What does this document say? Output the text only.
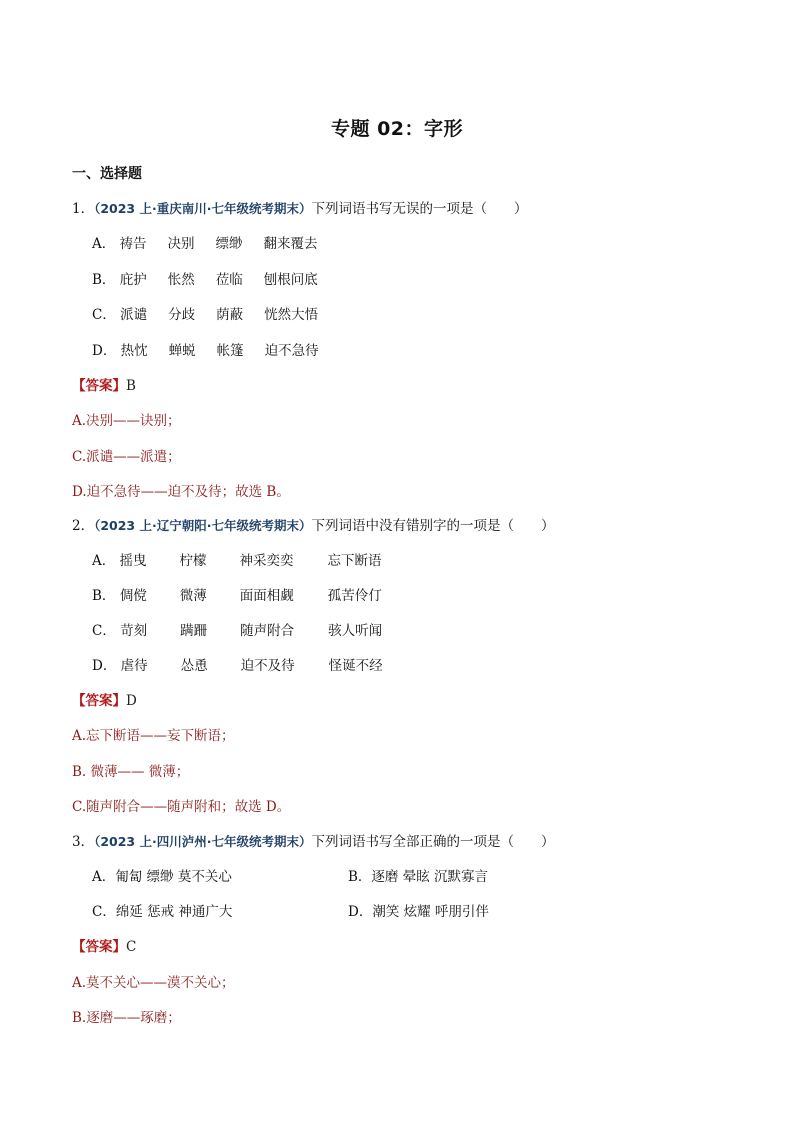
专题 02：字形
一、选择题
1．（2023 上·重庆南川·七年级统考期末）下列词语书写无误的一项是（　　）
A． 祷告 决别 缥缈 翻来覆去
B． 庇护 怅然 莅临 刨根问底
C． 派谴 分歧 荫蔽 恍然大悟
D． 热忱 蝉蜕 帐篷 迫不急待
【答案】B
A.决别——诀别；
C.派谴——派遣；
D.迫不急待——迫不及待；故选 B。
2．（2023 上·辽宁朝阳·七年级统考期末）下列词语中没有错别字的一项是（　　）
A． 摇曳 柠檬 神采奕奕	忘下断语
B． 倜傥 微薄 面面相觑	孤苦伶仃
C． 苛刻 蹒跚 随声附合	骇人听闻
D． 虐待 怂恿 迫不及待	怪诞不经
【答案】D
A.忘下断语——妄下断语；
B. 微薄—— 微薄；
C.随声附合——随声附和；故选 D。
3．（2023 上·四川泸州·七年级统考期末）下列词语书写全部正确的一项是（　　）
A．匍匐 缥缈 莫不关心	B．逐磨 晕眩 沉默寡言
C．绵延 惩戒 神通广大	D．潮笑 炫耀 呼朋引伴
【答案】C
A.莫不关心——漠不关心；
B.逐磨——琢磨；
